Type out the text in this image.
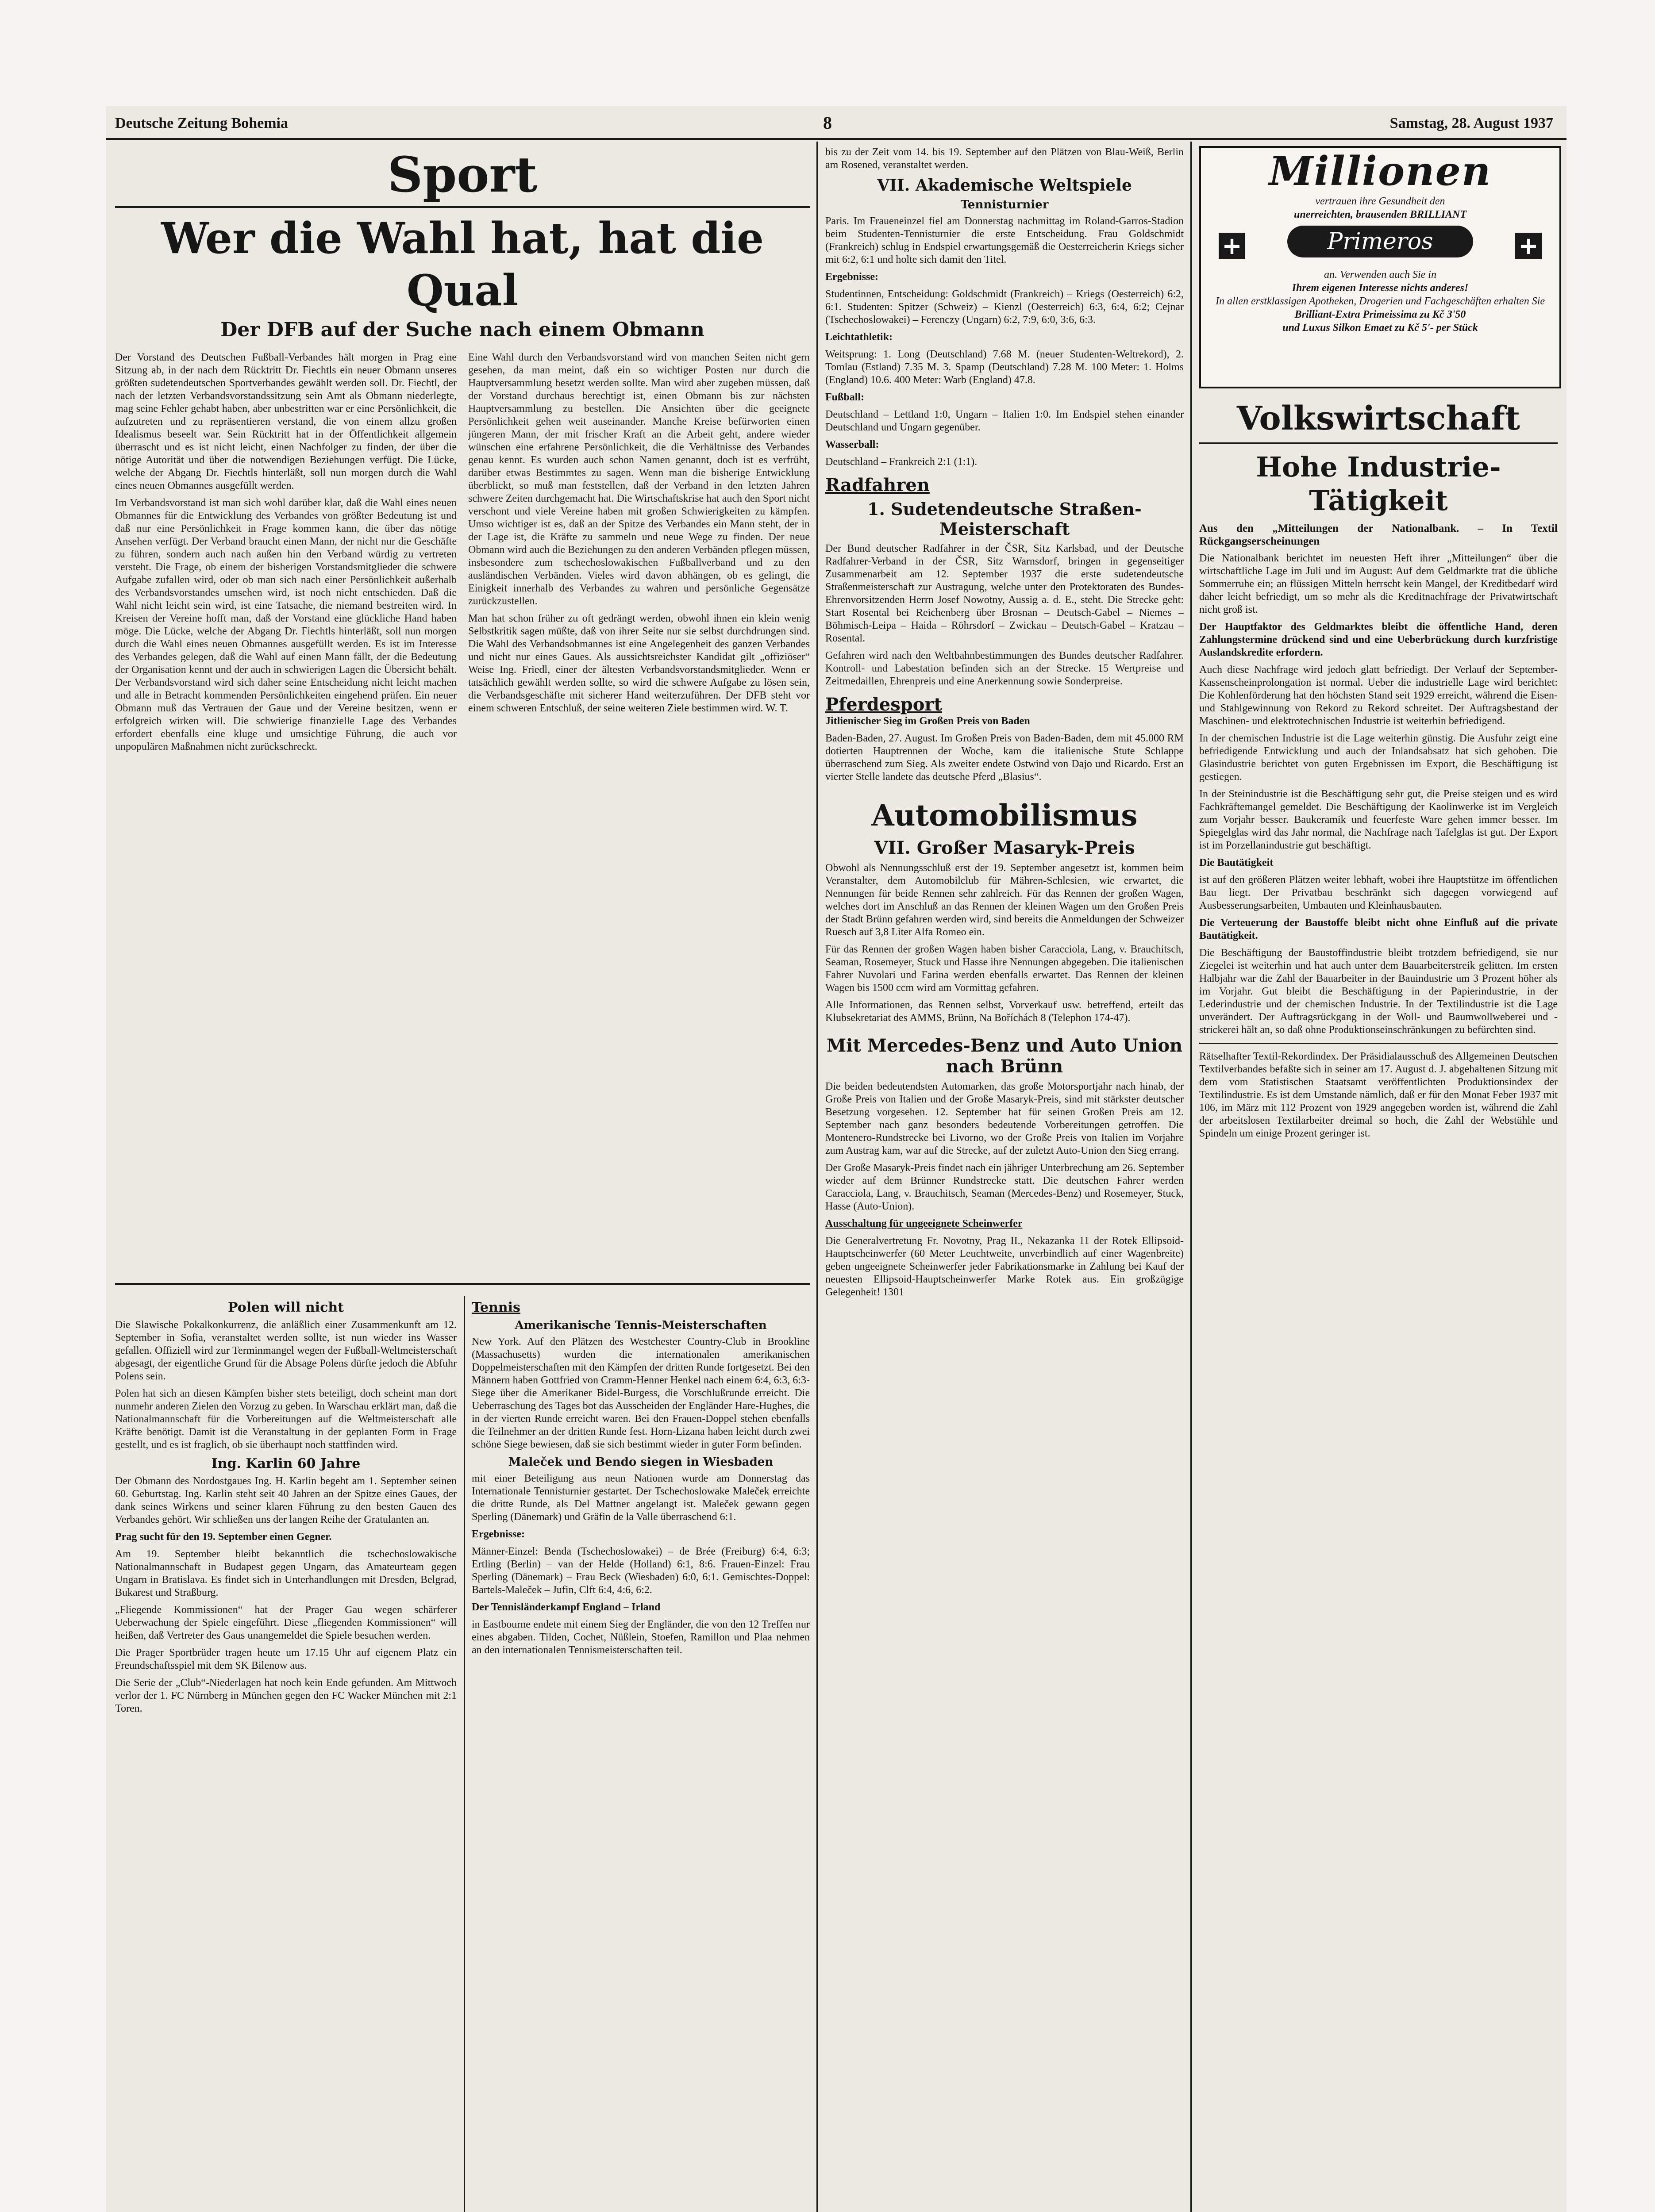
Deutsche Zeitung Bohemia	8	Samstag, 28. August 1937
Sport
Wer die Wahl hat, hat die Qual
Der DFB auf der Suche nach einem Obmann

Der Vorstand des Deutschen Fußball-Verbandes hält morgen in Prag eine Sitzung ab, in der nach dem Rücktritt Dr. Fiechtls ein neuer Obmann unseres größten sudetendeutschen Sportverbandes gewählt werden soll. Dr. Fiechtl, der nach der letzten Verbandsvorstandssitzung sein Amt als Obmann niederlegte, mag seine Fehler gehabt haben, aber unbestritten war er eine Persönlichkeit, die aufzutreten und zu repräsentieren verstand, die von einem allzu großen Idealismus beseelt war. Sein Rücktritt hat in der Öffentlichkeit allgemein überrascht und es ist nicht leicht, einen Nachfolger zu finden, der über die nötige Autorität und über die notwendigen Beziehungen verfügt. Die Lücke, welche der Abgang Dr. Fiechtls hinterläßt, soll nun morgen durch die Wahl eines neuen Obmannes ausgefüllt werden.

Im Verbandsvorstand ist man sich wohl darüber klar, daß die Wahl eines neuen Obmannes für die Entwicklung des Verbandes von größter Bedeutung ist und daß nur eine Persönlichkeit in Frage kommen kann, die über das nötige Ansehen verfügt. Der Verband braucht einen Mann, der nicht nur die Geschäfte zu führen, sondern auch nach außen hin den Verband würdig zu vertreten versteht. Die Frage, ob einem der bisherigen Vorstandsmitglieder die schwere Aufgabe zufallen wird, oder ob man sich nach einer Persönlichkeit außerhalb des Verbandsvorstandes umsehen wird, ist noch nicht entschieden. Daß die Wahl nicht leicht sein wird, ist eine Tatsache, die niemand bestreiten wird. In Kreisen der Vereine hofft man, daß der Vorstand eine glückliche Hand haben möge. Die Lücke, welche der Abgang Dr. Fiechtls hinterläßt, soll nun morgen durch die Wahl eines neuen Obmannes ausgefüllt werden. Es ist im Interesse des Verbandes gelegen, daß die Wahl auf einen Mann fällt, der die Bedeutung der Organisation kennt und der auch in schwierigen Lagen die Übersicht behält. Der Verbandsvorstand wird sich daher seine Entscheidung nicht leicht machen und alle in Betracht kommenden Persönlichkeiten eingehend prüfen. Ein neuer Obmann muß das Vertrauen der Gaue und der Vereine besitzen, wenn er erfolgreich wirken will. Die schwierige finanzielle Lage des Verbandes erfordert ebenfalls eine kluge und umsichtige Führung, die auch vor unpopulären Maßnahmen nicht zurückschreckt.

Eine Wahl durch den Verbandsvorstand wird von manchen Seiten nicht gern gesehen, da man meint, daß ein so wichtiger Posten nur durch die Hauptversammlung besetzt werden sollte. Man wird aber zugeben müssen, daß der Vorstand durchaus berechtigt ist, einen Obmann bis zur nächsten Hauptversammlung zu bestellen. Die Ansichten über die geeignete Persönlichkeit gehen weit auseinander. Manche Kreise befürworten einen jüngeren Mann, der mit frischer Kraft an die Arbeit geht, andere wieder wünschen eine erfahrene Persönlichkeit, die die Verhältnisse des Verbandes genau kennt. Es wurden auch schon Namen genannt, doch ist es verfrüht, darüber etwas Bestimmtes zu sagen. Wenn man die bisherige Entwicklung überblickt, so muß man feststellen, daß der Verband in den letzten Jahren schwere Zeiten durchgemacht hat. Die Wirtschaftskrise hat auch den Sport nicht verschont und viele Vereine haben mit großen Schwierigkeiten zu kämpfen. Umso wichtiger ist es, daß an der Spitze des Verbandes ein Mann steht, der in der Lage ist, die Kräfte zu sammeln und neue Wege zu finden. Der neue Obmann wird auch die Beziehungen zu den anderen Verbänden pflegen müssen, insbesondere zum tschechoslowakischen Fußballverband und zu den ausländischen Verbänden. Vieles wird davon abhängen, ob es gelingt, die Einigkeit innerhalb des Verbandes zu wahren und persönliche Gegensätze zurückzustellen.

Man hat schon früher zu oft gedrängt werden, obwohl ihnen ein klein wenig Selbstkritik sagen müßte, daß von ihrer Seite nur sie selbst durchdrungen sind. Die Wahl des Verbandsobmannes ist eine Angelegenheit des ganzen Verbandes und nicht nur eines Gaues. Als aussichtsreichster Kandidat gilt „offiziöser“ Weise Ing. Friedl, einer der ältesten Verbandsvorstandsmitglieder. Wenn er tatsächlich gewählt werden sollte, so wird die schwere Aufgabe zu lösen sein, die Verbandsgeschäfte mit sicherer Hand weiterzuführen. Der DFB steht vor einem schweren Entschluß, der seine weiteren Ziele bestimmen wird. W. T.

Polen will nicht

Die Slawische Pokalkonkurrenz, die anläßlich einer Zusammenkunft am 12. September in Sofia, veranstaltet werden sollte, ist nun wieder ins Wasser gefallen. Offiziell wird zur Terminmangel wegen der Fußball-Weltmeisterschaft abgesagt, der eigentliche Grund für die Absage Polens dürfte jedoch die Abfuhr Polens sein.

Polen hat sich an diesen Kämpfen bisher stets beteiligt, doch scheint man dort nunmehr anderen Zielen den Vorzug zu geben. In Warschau erklärt man, daß die Nationalmannschaft für die Vorbereitungen auf die Weltmeisterschaft alle Kräfte benötigt. Damit ist die Veranstaltung in der geplanten Form in Frage gestellt, und es ist fraglich, ob sie überhaupt noch stattfinden wird.

Ing. Karlin 60 Jahre

Der Obmann des Nordostgaues Ing. H. Karlin begeht am 1. September seinen 60. Geburtstag. Ing. Karlin steht seit 40 Jahren an der Spitze eines Gaues, der dank seines Wirkens und seiner klaren Führung zu den besten Gauen des Verbandes gehört. Wir schließen uns der langen Reihe der Gratulanten an.

Prag sucht für den 19. September einen Gegner.

Am 19. September bleibt bekanntlich die tschechoslowakische Nationalmannschaft in Budapest gegen Ungarn, das Amateurteam gegen Ungarn in Bratislava. Es findet sich in Unterhandlungen mit Dresden, Belgrad, Bukarest und Straßburg.

„Fliegende Kommissionen“ hat der Prager Gau wegen schärferer Ueberwachung der Spiele eingeführt. Diese „fliegenden Kommissionen“ will heißen, daß Vertreter des Gaus unangemeldet die Spiele besuchen werden.

Die Prager Sportbrüder tragen heute um 17.15 Uhr auf eigenem Platz ein Freundschaftsspiel mit dem SK Bilenow aus.

Die Serie der „Club“-Niederlagen hat noch kein Ende gefunden. Am Mittwoch verlor der 1. FC Nürnberg in München gegen den FC Wacker München mit 2:1 Toren.

Tennis
Amerikanische Tennis-Meisterschaften

New York. Auf den Plätzen des Westchester Country-Club in Brookline (Massachusetts) wurden die internationalen amerikanischen Doppelmeisterschaften mit den Kämpfen der dritten Runde fortgesetzt. Bei den Männern haben Gottfried von Cramm-Henner Henkel nach einem 6:4, 6:3, 6:3-Siege über die Amerikaner Bidel-Burgess, die Vorschlußrunde erreicht. Die Ueberraschung des Tages bot das Ausscheiden der Engländer Hare-Hughes, die in der vierten Runde erreicht waren. Bei den Frauen-Doppel stehen ebenfalls die Teilnehmer an der dritten Runde fest. Horn-Lizana haben leicht durch zwei schöne Siege bewiesen, daß sie sich bestimmt wieder in guter Form befinden.

Maleček und Bendo siegen in Wiesbaden

mit einer Beteiligung aus neun Nationen wurde am Donnerstag das Internationale Tennisturnier gestartet. Der Tschechoslowake Maleček erreichte die dritte Runde, als Del Mattner angelangt ist. Maleček gewann gegen Sperling (Dänemark) und Gräfin de la Valle überraschend 6:1.

Ergebnisse:

Männer-Einzel: Benda (Tschechoslowakei) – de Brée (Freiburg) 6:4, 6:3; Ertling (Berlin) – van der Helde (Holland) 6:1, 8:6. Frauen-Einzel: Frau Sperling (Dänemark) – Frau Beck (Wiesbaden) 6:0, 6:1. Gemischtes-Doppel: Bartels-Maleček – Jufin, Clft 6:4, 4:6, 6:2.

Der Tennisländerkampf England – Irland

in Eastbourne endete mit einem Sieg der Engländer, die von den 12 Treffen nur eines abgaben. Tilden, Cochet, Nüßlein, Stoefen, Ramillon und Plaa nehmen an den internationalen Tennismeisterschaften teil.

bis zu der Zeit vom 14. bis 19. September auf den Plätzen von Blau-Weiß, Berlin am Rosened, veranstaltet werden.

VII. Akademische Weltspiele
Tennisturnier

Paris. Im Fraueneinzel fiel am Donnerstag nachmittag im Roland-Garros-Stadion beim Studenten-Tennisturnier die erste Entscheidung. Frau Goldschmidt (Frankreich) schlug in Endspiel erwartungsgemäß die Oesterreicherin Kriegs sicher mit 6:2, 6:1 und holte sich damit den Titel.

Ergebnisse:

Studentinnen, Entscheidung: Goldschmidt (Frankreich) – Kriegs (Oesterreich) 6:2, 6:1. Studenten: Spitzer (Schweiz) – Kienzl (Oesterreich) 6:3, 6:4, 6:2; Cejnar (Tschechoslowakei) – Ferenczy (Ungarn) 6:2, 7:9, 6:0, 3:6, 6:3.

Leichtathletik:

Weitsprung: 1. Long (Deutschland) 7.68 M. (neuer Studenten-Weltrekord), 2. Tomlau (Estland) 7.35 M. 3. Spamp (Deutschland) 7.28 M. 100 Meter: 1. Holms (England) 10.6. 400 Meter: Warb (England) 47.8.

Fußball:

Deutschland – Lettland 1:0, Ungarn – Italien 1:0. Im Endspiel stehen einander Deutschland und Ungarn gegenüber.

Wasserball:

Deutschland – Frankreich 2:1 (1:1).

Radfahren
1. Sudetendeutsche Straßen-Meisterschaft

Der Bund deutscher Radfahrer in der ČSR, Sitz Karlsbad, und der Deutsche Radfahrer-Verband in der ČSR, Sitz Warnsdorf, bringen in gegenseitiger Zusammenarbeit am 12. September 1937 die erste sudetendeutsche Straßenmeisterschaft zur Austragung, welche unter den Protektoraten des Bundes-Ehrenvorsitzenden Herrn Josef Nowotny, Aussig a. d. E., steht. Die Strecke geht: Start Rosental bei Reichenberg über Brosnan – Deutsch-Gabel – Niemes – Böhmisch-Leipa – Haida – Röhrsdorf – Zwickau – Deutsch-Gabel – Kratzau – Rosental.

Gefahren wird nach den Weltbahnbestimmungen des Bundes deutscher Radfahrer. Kontroll- und Labestation befinden sich an der Strecke. 15 Wertpreise und Zeitmedaillen, Ehrenpreis und eine Anerkennung sowie Sonderpreise.

Pferdesport

Jitlienischer Sieg im Großen Preis von Baden

Baden-Baden, 27. August. Im Großen Preis von Baden-Baden, dem mit 45.000 RM dotierten Hauptrennen der Woche, kam die italienische Stute Schlappe überraschend zum Sieg. Als zweiter endete Ostwind von Dajo und Ricardo. Erst an vierter Stelle landete das deutsche Pferd „Blasius“.

Automobilismus
VII. Großer Masaryk-Preis

Obwohl als Nennungsschluß erst der 19. September angesetzt ist, kommen beim Veranstalter, dem Automobilclub für Mähren-Schlesien, wie erwartet, die Nennungen für beide Rennen sehr zahlreich. Für das Rennen der großen Wagen, welches dort im Anschluß an das Rennen der kleinen Wagen um den Großen Preis der Stadt Brünn gefahren werden wird, sind bereits die Anmeldungen der Schweizer Ruesch auf 3,8 Liter Alfa Romeo ein.

Für das Rennen der großen Wagen haben bisher Caracciola, Lang, v. Brauchitsch, Seaman, Rosemeyer, Stuck und Hasse ihre Nennungen abgegeben. Die italienischen Fahrer Nuvolari und Farina werden ebenfalls erwartet. Das Rennen der kleinen Wagen bis 1500 ccm wird am Vormittag gefahren.

Alle Informationen, das Rennen selbst, Vorverkauf usw. betreffend, erteilt das Klubsekretariat des AMMS, Brünn, Na Boříchách 8 (Telephon 174-47).

Mit Mercedes-Benz und Auto Union nach Brünn

Die beiden bedeutendsten Automarken, das große Motorsportjahr nach hinab, der Große Preis von Italien und der Große Masaryk-Preis, sind mit stärkster deutscher Besetzung vorgesehen. 12. September hat für seinen Großen Preis am 12. September nach ganz besonders bedeutende Vorbereitungen getroffen. Die Montenero-Rundstrecke bei Livorno, wo der Große Preis von Italien im Vorjahre zum Austrag kam, war auf die Strecke, auf der zuletzt Auto-Union den Sieg errang.

Der Große Masaryk-Preis findet nach ein jähriger Unterbrechung am 26. September wieder auf dem Brünner Rundstrecke statt. Die deutschen Fahrer werden Caracciola, Lang, v. Brauchitsch, Seaman (Mercedes-Benz) und Rosemeyer, Stuck, Hasse (Auto-Union).

Ausschaltung für ungeeignete Scheinwerfer

Die Generalvertretung Fr. Novotny, Prag II., Nekazanka 11 der Rotek Ellipsoid-Hauptscheinwerfer (60 Meter Leuchtweite, unverbindlich auf einer Wagenbreite) geben ungeeignete Scheinwerfer jeder Fabrikationsmarke in Zahlung bei Kauf der neuesten Ellipsoid-Hauptscheinwerfer Marke Rotek aus. Ein großzügige Gelegenheit! 1301

Millionen
vertrauen ihre Gesundheit den
unerreichten, brausenden BRILLIANT
+	Primeros	+
an. Verwenden auch Sie in
Ihrem eigenen Interesse nichts anderes!
In allen erstklassigen Apotheken, Drogerien und Fachgeschäften erhalten Sie
Brilliant-Extra Primeissima zu Kč 3'50
und Luxus Silkon Emaet zu Kč 5'- per Stück
Volkswirtschaft
Hohe Industrie-Tätigkeit

Aus den „Mitteilungen der Nationalbank. – In Textil Rückgangserscheinungen

Die Nationalbank berichtet im neuesten Heft ihrer „Mitteilungen“ über die wirtschaftliche Lage im Juli und im August: Auf dem Geldmarkte trat die übliche Sommerruhe ein; an flüssigen Mitteln herrscht kein Mangel, der Kreditbedarf wird daher leicht befriedigt, um so mehr als die Kreditnachfrage der Privatwirtschaft nicht groß ist.

Der Hauptfaktor des Geldmarktes bleibt die öffentliche Hand, deren Zahlungstermine drückend sind und eine Ueberbrückung durch kurzfristige Auslandskredite erfordern.

Auch diese Nachfrage wird jedoch glatt befriedigt. Der Verlauf der September-Kassenscheinprolongation ist normal. Ueber die industrielle Lage wird berichtet: Die Kohlenförderung hat den höchsten Stand seit 1929 erreicht, während die Eisen- und Stahlgewinnung von Rekord zu Rekord schreitet. Der Auftragsbestand der Maschinen- und elektrotechnischen Industrie ist weiterhin befriedigend.

In der chemischen Industrie ist die Lage weiterhin günstig. Die Ausfuhr zeigt eine befriedigende Entwicklung und auch der Inlandsabsatz hat sich gehoben. Die Glasindustrie berichtet von guten Ergebnissen im Export, die Beschäftigung ist gestiegen.

In der Steinindustrie ist die Beschäftigung sehr gut, die Preise steigen und es wird Fachkräftemangel gemeldet. Die Beschäftigung der Kaolinwerke ist im Vergleich zum Vorjahr besser. Baukeramik und feuerfeste Ware gehen immer besser. Im Spiegelglas wird das Jahr normal, die Nachfrage nach Tafelglas ist gut. Der Export ist im Porzellanindustrie gut beschäftigt.

Die Bautätigkeit

ist auf den größeren Plätzen weiter lebhaft, wobei ihre Hauptstütze im öffentlichen Bau liegt. Der Privatbau beschränkt sich dagegen vorwiegend auf Ausbesserungsarbeiten, Umbauten und Kleinhausbauten.

Die Verteuerung der Baustoffe bleibt nicht ohne Einfluß auf die private Bautätigkeit.

Die Beschäftigung der Baustoffindustrie bleibt trotzdem befriedigend, sie nur Ziegelei ist weiterhin und hat auch unter dem Bauarbeiterstreik gelitten. Im ersten Halbjahr war die Zahl der Bauarbeiter in der Bauindustrie um 3 Prozent höher als im Vorjahr. Gut bleibt die Beschäftigung in der Papierindustrie, in der Lederindustrie und der chemischen Industrie. In der Textilindustrie ist die Lage unverändert. Der Auftragsrückgang in der Woll- und Baumwollweberei und -strickerei hält an, so daß ohne Produktionseinschränkungen zu befürchten sind.

Rätselhafter Textil-Rekordindex. Der Präsidialausschuß des Allgemeinen Deutschen Textilverbandes befaßte sich in seiner am 17. August d. J. abgehaltenen Sitzung mit dem vom Statistischen Staatsamt veröffentlichten Produktionsindex der Textilindustrie. Es ist dem Umstande nämlich, daß er für den Monat Feber 1937 mit 106, im März mit 112 Prozent von 1929 angegeben worden ist, während die Zahl der arbeitslosen Textilarbeiter dreimal so hoch, die Zahl der Webstühle und Spindeln um einige Prozent geringer ist.
